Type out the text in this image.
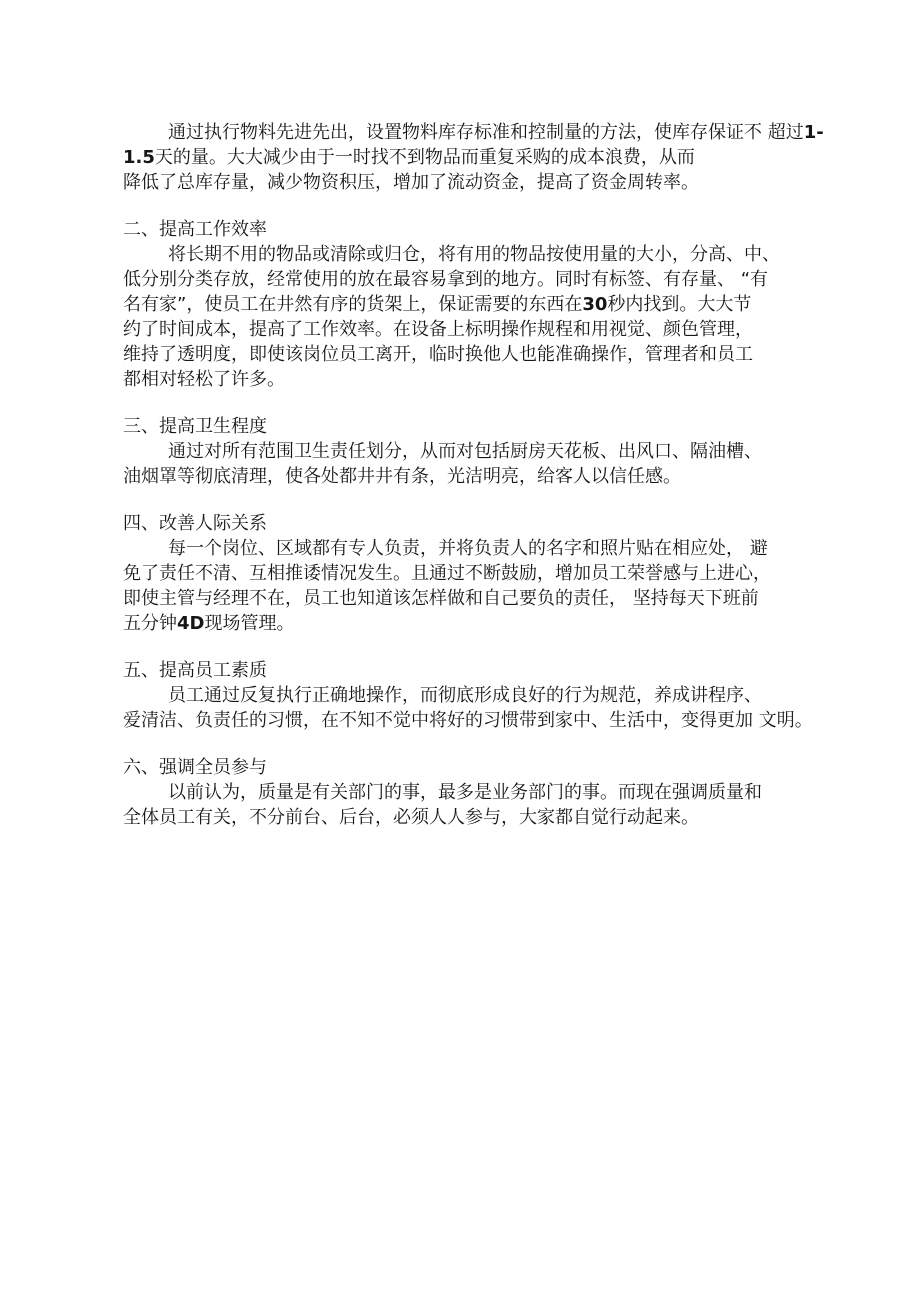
通过执行物料先进先出，设置物料库存标准和控制量的方法，使库存保证不 超过1-
1.5天的量。大大减少由于一时找不到物品而重复采购的成本浪费，从而
降低了总库存量，减少物资积压，增加了流动资金，提高了资金周转率。
二、提高工作效率
将长期不用的物品或清除或归仓，将有用的物品按使用量的大小，分高、中、
低分别分类存放，经常使用的放在最容易拿到的地方。同时有标签、有存量、 “有
名有家”，使员工在井然有序的货架上，保证需要的东西在30秒内找到。大大节
约了时间成本，提高了工作效率。在设备上标明操作规程和用视觉、颜色管理，
维持了透明度，即使该岗位员工离开，临时换他人也能准确操作，管理者和员工
都相对轻松了许多。
三、提高卫生程度
通过对所有范围卫生责任划分，从而对包括厨房天花板、出风口、隔油槽、
油烟罩等彻底清理，使各处都井井有条，光洁明亮，给客人以信任感。
四、改善人际关系
每一个岗位、区域都有专人负责，并将负责人的名字和照片贴在相应处， 避
免了责任不清、互相推诿情况发生。且通过不断鼓励，增加员工荣誉感与上进心，
即使主管与经理不在，员工也知道该怎样做和自己要负的责任， 坚持每天下班前
五分钟4D现场管理。
五、提高员工素质
员工通过反复执行正确地操作，而彻底形成良好的行为规范，养成讲程序、
爱清洁、负责任的习惯，在不知不觉中将好的习惯带到家中、生活中，变得更加 文明。
六、强调全员参与
以前认为，质量是有关部门的事，最多是业务部门的事。而现在强调质量和
全体员工有关，不分前台、后台，必须人人参与，大家都自觉行动起来。
